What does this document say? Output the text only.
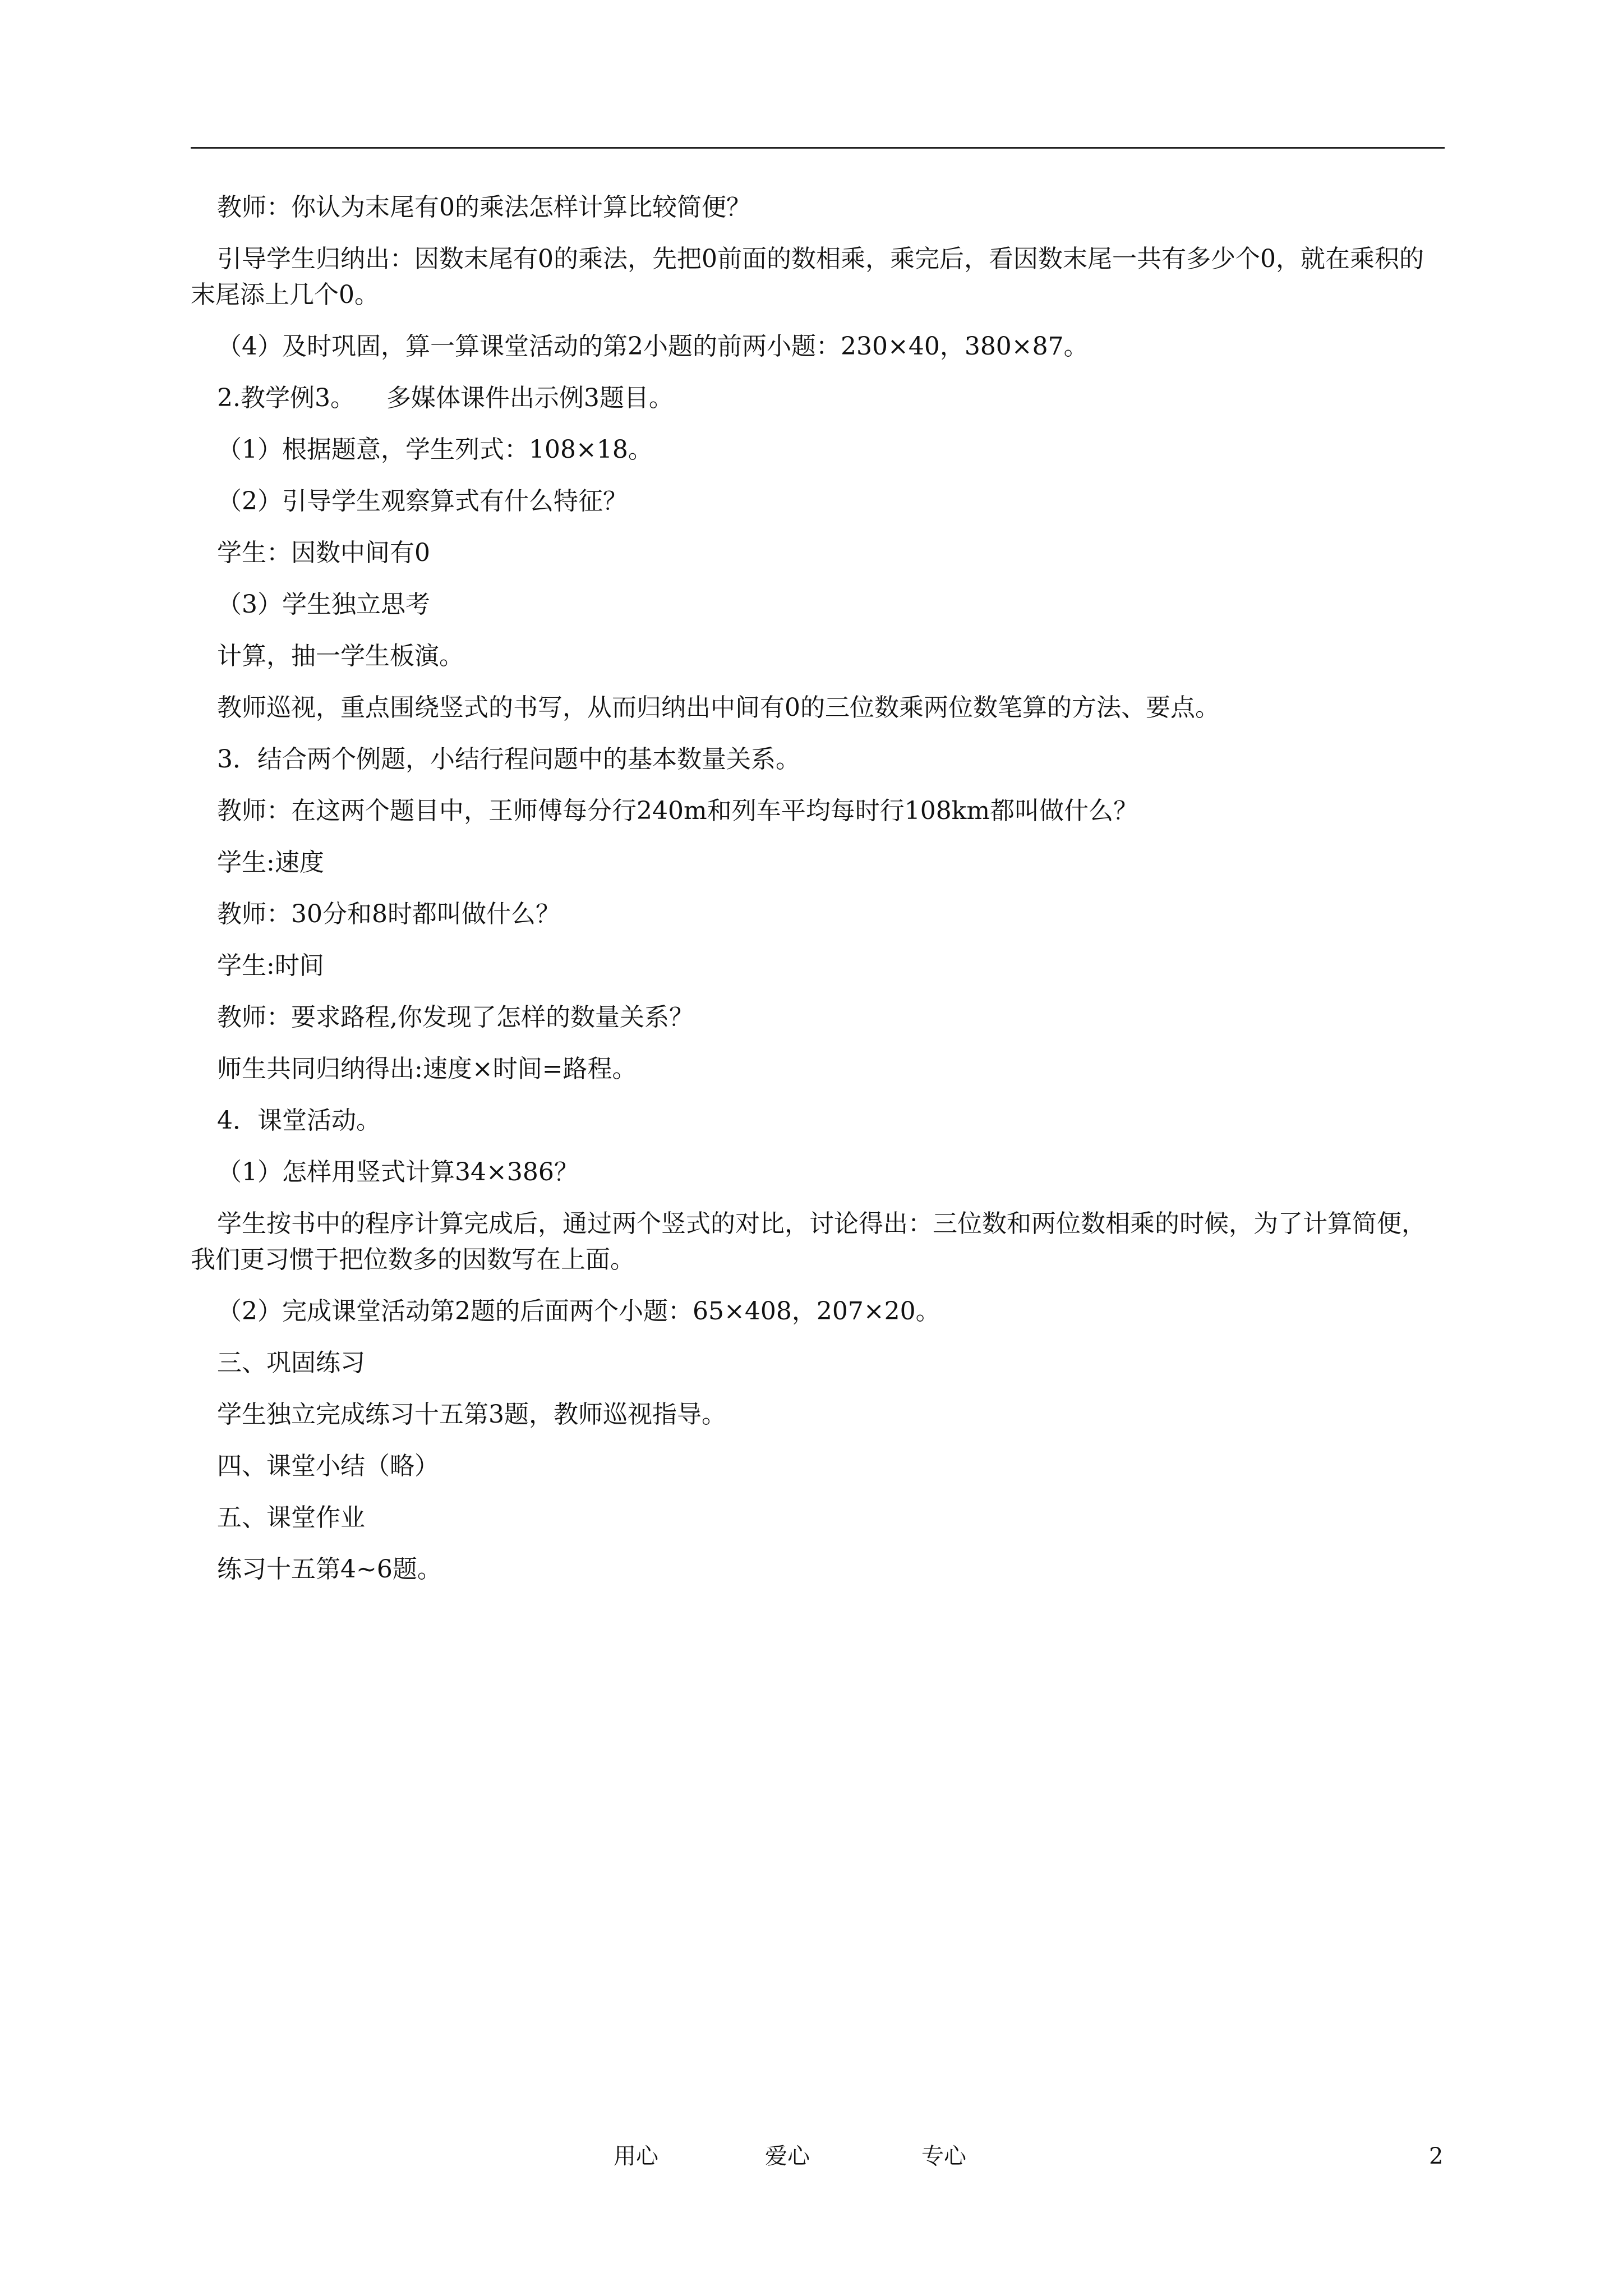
教师：你认为末尾有0的乘法怎样计算比较简便？

引导学生归纳出：因数末尾有0的乘法，先把0前面的数相乘，乘完后，看因数末尾一共有多少个0，就在乘积的末尾添上几个0。

（4）及时巩固，算一算课堂活动的第2小题的前两小题：230×40，380×87。

2.教学例3。    多媒体课件出示例3题目。

（1）根据题意，学生列式：108×18。

（2）引导学生观察算式有什么特征？

学生：因数中间有0

（3）学生独立思考

计算，抽一学生板演。

教师巡视，重点围绕竖式的书写，从而归纳出中间有0的三位数乘两位数笔算的方法、要点。

3．结合两个例题，小结行程问题中的基本数量关系。

教师：在这两个题目中，王师傅每分行240m和列车平均每时行108km都叫做什么？

学生:速度

教师：30分和8时都叫做什么？

学生:时间

教师：要求路程,你发现了怎样的数量关系？

师生共同归纳得出:速度×时间=路程。

4．课堂活动。

（1）怎样用竖式计算34×386？

学生按书中的程序计算完成后，通过两个竖式的对比，讨论得出：三位数和两位数相乘的时候，为了计算简便，我们更习惯于把位数多的因数写在上面。

（2）完成课堂活动第2题的后面两个小题：65×408，207×20。

三、巩固练习

学生独立完成练习十五第3题，教师巡视指导。

四、课堂小结（略）

五、课堂作业

练习十五第4~6题。

用心	爱心	专心	2
